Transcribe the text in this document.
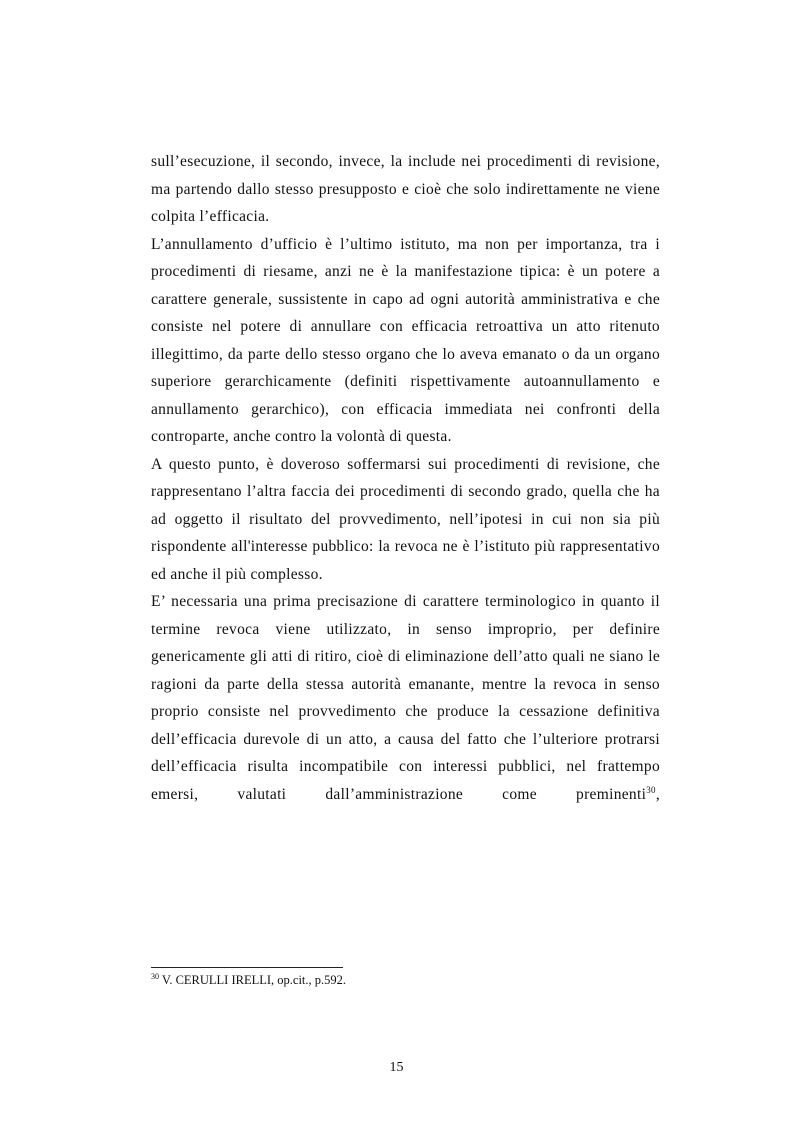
sull’esecuzione, il secondo, invece, la include nei procedimenti di revisione, ma partendo dallo stesso presupposto e cioè che solo indirettamente ne viene colpita l’efficacia.

L’annullamento d’ufficio è l’ultimo istituto, ma non per importanza, tra i procedimenti di riesame, anzi ne è la manifestazione tipica: è un potere a carattere generale, sussistente in capo ad ogni autorità amministrativa e che consiste nel potere di annullare con efficacia retroattiva un atto ritenuto illegittimo, da parte dello stesso organo che lo aveva emanato o da un organo superiore gerarchicamente (definiti rispettivamente autoannullamento e annullamento gerarchico), con efficacia immediata nei confronti della controparte, anche contro la volontà di questa.

A questo punto, è doveroso soffermarsi sui procedimenti di revisione, che rappresentano l’altra faccia dei procedimenti di secondo grado, quella che ha ad oggetto il risultato del provvedimento, nell’ipotesi in cui non sia più rispondente all'interesse pubblico: la revoca ne è l’istituto più rappresentativo ed anche il più complesso.

E’ necessaria una prima precisazione di carattere terminologico in quanto il termine revoca viene utilizzato, in senso improprio, per definire genericamente gli atti di ritiro, cioè di eliminazione dell’atto quali ne siano le ragioni da parte della stessa autorità emanante, mentre la revoca in senso proprio consiste nel provvedimento che produce la cessazione definitiva dell’efficacia durevole di un atto, a causa del fatto che l’ulteriore protrarsi dell’efficacia risulta incompatibile con interessi pubblici, nel frattempo emersi, valutati dall’amministrazione come preminenti$^{30}$,

$^{30}$ V. CERULLI IRELLI, op.cit., p.592.
15
